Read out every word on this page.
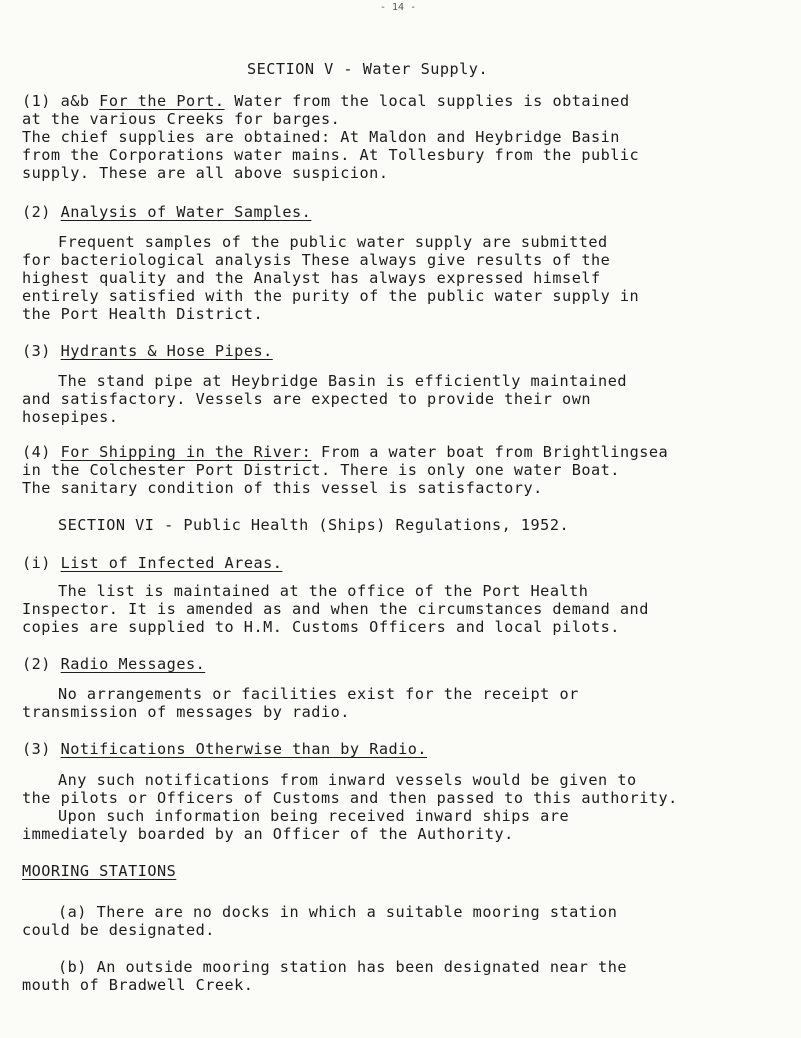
- 14 -
SECTION V - Water Supply.
(1) a&b For the Port. Water from the local supplies is obtained
at the various Creeks for barges.
The chief supplies are obtained: At Maldon and Heybridge Basin
from the Corporations water mains. At Tollesbury from the public
supply. These are all above suspicion.
(2) Analysis of Water Samples.
Frequent samples of the public water supply are submitted
for bacteriological analysis These always give results of the
highest quality and the Analyst has always expressed himself
entirely satisfied with the purity of the public water supply in
the Port Health District.
(3) Hydrants & Hose Pipes.
The stand pipe at Heybridge Basin is efficiently maintained
and satisfactory. Vessels are expected to provide their own
hosepipes.
(4) For Shipping in the River: From a water boat from Brightlingsea
in the Colchester Port District. There is only one water Boat.
The sanitary condition of this vessel is satisfactory.
SECTION VI - Public Health (Ships) Regulations, 1952.
(i) List of Infected Areas.
The list is maintained at the office of the Port Health
Inspector. It is amended as and when the circumstances demand and
copies are supplied to H.M. Customs Officers and local pilots.
(2) Radio Messages.
No arrangements or facilities exist for the receipt or
transmission of messages by radio.
(3) Notifications Otherwise than by Radio.
Any such notifications from inward vessels would be given to
the pilots or Officers of Customs and then passed to this authority.
Upon such information being received inward ships are
immediately boarded by an Officer of the Authority.
MOORING STATIONS
(a) There are no docks in which a suitable mooring station
could be designated.
(b) An outside mooring station has been designated near the
mouth of Bradwell Creek.
